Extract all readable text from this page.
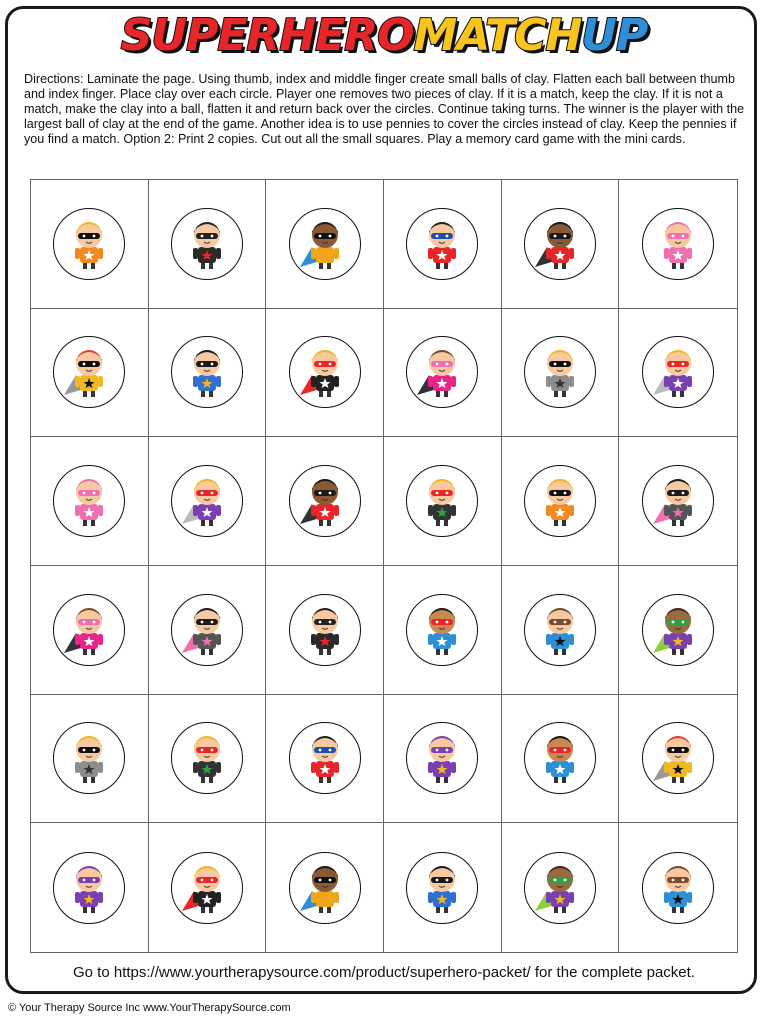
SUPERHEROMATCHUP

Directions: Laminate the page. Using thumb, index and middle finger create small balls of clay. Flatten each ball between thumb and index finger. Place clay over each circle. Player one removes two pieces of clay. If it is a match, keep the clay. If it is not a match, make the clay into a ball, flatten it and return back over the circles. Continue taking turns. The winner is the player with the largest ball of clay at the end of the game. Another idea is to use pennies to cover the circles instead of clay. Keep the pennies if you find a match. Option 2: Print 2 copies. Cut out all the small squares. Play a memory card game with the mini cards.

Go to https://www.yourtherapysource.com/product/superhero-packet/ for the complete packet.
© Your Therapy Source Inc www.YourTherapySource.com
